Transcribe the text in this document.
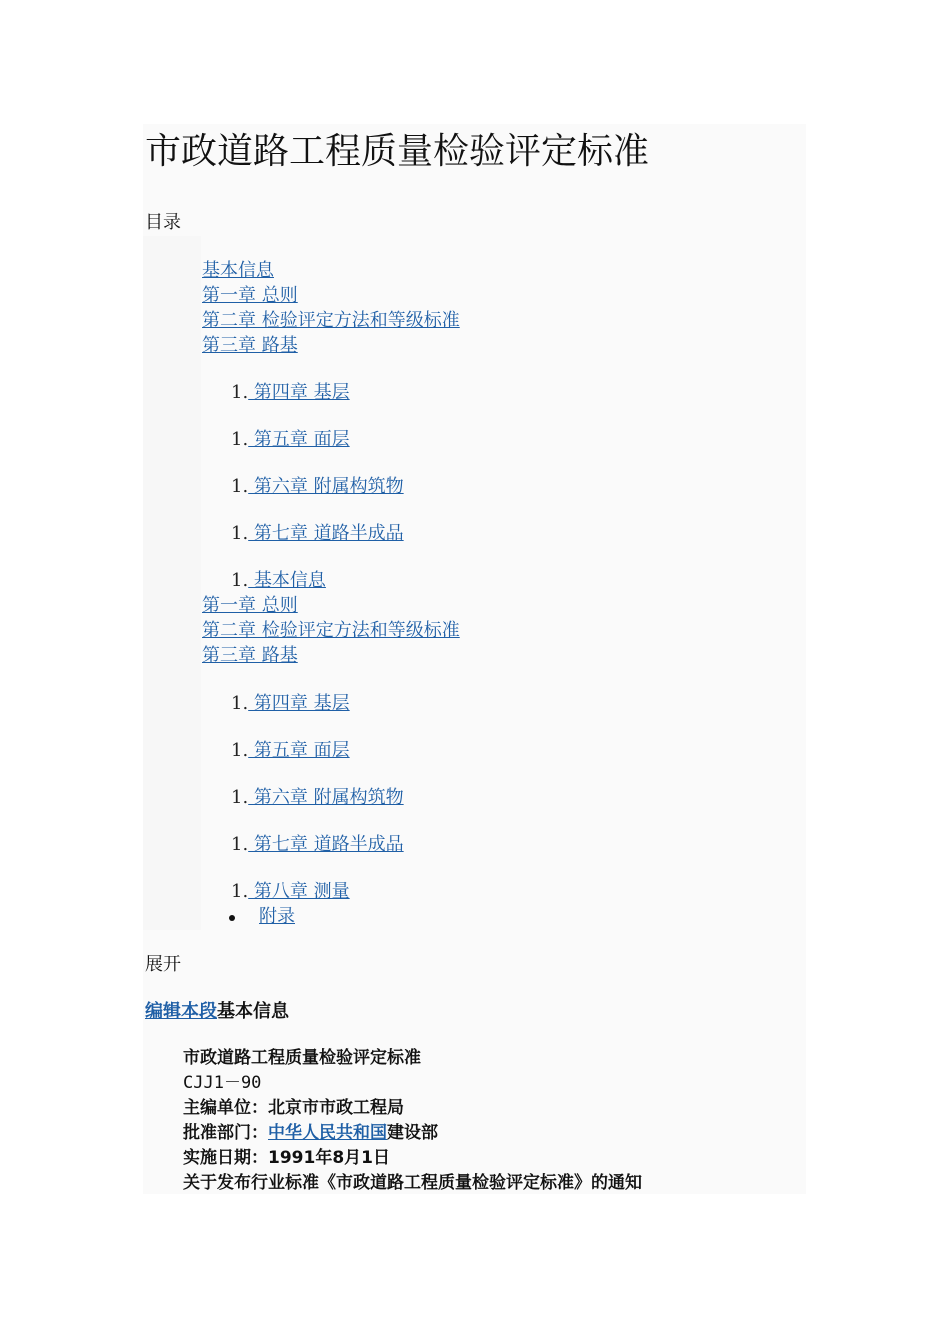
市政道路工程质量检验评定标准
目录
基本信息
第一章 总则
第二章 检验评定方法和等级标准
第三章 路基
1. 第四章 基层
1. 第五章 面层
1. 第六章 附属构筑物
1. 第七章 道路半成品
1. 基本信息
第一章 总则
第二章 检验评定方法和等级标准
第三章 路基
1. 第四章 基层
1. 第五章 面层
1. 第六章 附属构筑物
1. 第七章 道路半成品
1. 第八章 测量
附录
展开
编辑本段基本信息
市政道路工程质量检验评定标准
CJJ1－90
主编单位：北京市市政工程局
批准部门：中华人民共和国建设部
实施日期：1991年8月1日
关于发布行业标准《市政道路工程质量检验评定标准》的通知
